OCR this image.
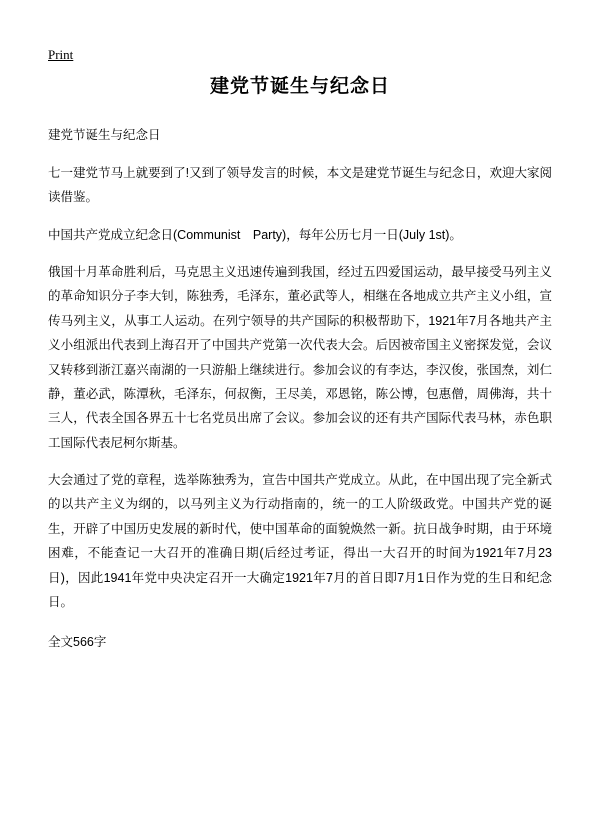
Print
建党节诞生与纪念日

建党节诞生与纪念日

七一建党节马上就要到了!又到了领导发言的时候，本文是建党节诞生与纪念日，欢迎大家阅读借鉴。

中国共产党成立纪念日(Communist　Party)，每年公历七月一日(July 1st)。

俄国十月革命胜利后，马克思主义迅速传遍到我国，经过五四爱国运动，最早接受马列主义的革命知识分子李大钊，陈独秀，毛泽东，董必武等人，相继在各地成立共产主义小组，宣传马列主义，从事工人运动。在列宁领导的共产国际的积极帮助下，1921年7月各地共产主义小组派出代表到上海召开了中国共产党第一次代表大会。后因被帝国主义密探发觉，会议又转移到浙江嘉兴南湖的一只游船上继续进行。参加会议的有李达，李汉俊，张国焘，刘仁静，董必武，陈潭秋，毛泽东，何叔衡，王尽美，邓恩铭，陈公博，包惠僧，周佛海，共十三人，代表全国各界五十七名党员出席了会议。参加会议的还有共产国际代表马林，赤色职工国际代表尼柯尔斯基。

大会通过了党的章程，选举陈独秀为，宣告中国共产党成立。从此，在中国出现了完全新式的以共产主义为纲的，以马列主义为行动指南的，统一的工人阶级政党。中国共产党的诞生，开辟了中国历史发展的新时代，使中国革命的面貌焕然一新。抗日战争时期，由于环境困难，不能查记一大召开的准确日期(后经过考证，得出一大召开的时间为1921年7月23日)，因此1941年党中央决定召开一大确定1921年7月的首日即7月1日作为党的生日和纪念日。

全文566字
